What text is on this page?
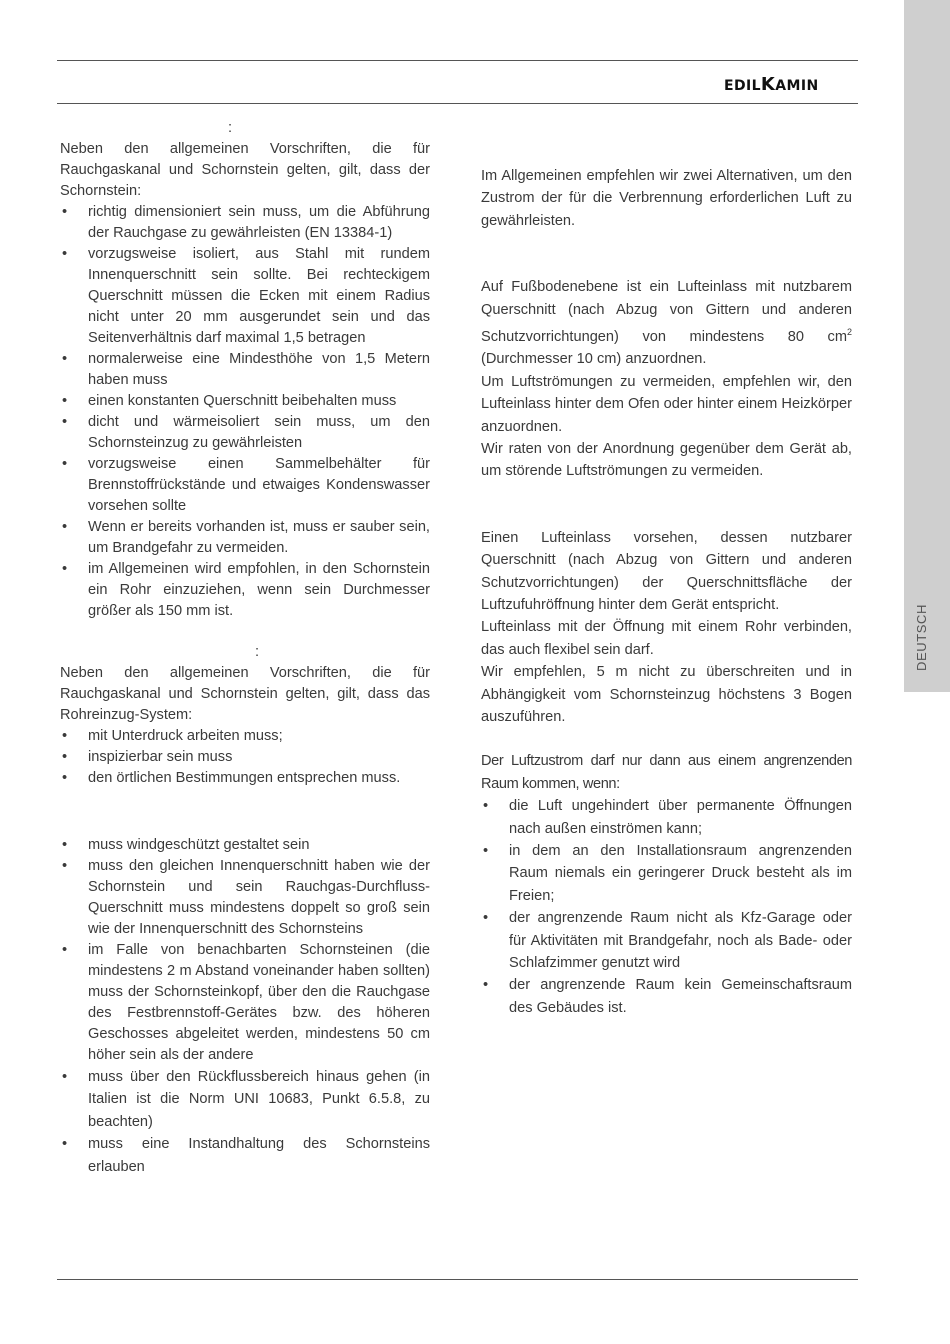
DEUTSCH
EDILKAMIN

:

Neben den allgemeinen Vorschriften, die für Rauchgaskanal und Schornstein gelten, gilt, dass der Schornstein:

• richtig dimensioniert sein muss, um die Abführung der Rauchgase zu gewährleisten (EN 13384-1)
• vorzugsweise isoliert, aus Stahl mit rundem Innenquerschnitt sein sollte. Bei rechteckigem Querschnitt müssen die Ecken mit einem Radius nicht unter 20 mm ausgerundet sein und das Seitenverhältnis darf maximal 1,5 betragen
• normalerweise eine Mindesthöhe von 1,5 Metern haben muss
• einen konstanten Querschnitt beibehalten muss
• dicht und wärmeisoliert sein muss, um den Schornsteinzug zu gewährleisten
• vorzugsweise einen Sammelbehälter für Brennstoffrückstände und etwaiges Kondenswasser vorsehen sollte
• Wenn er bereits vorhanden ist, muss er sauber sein, um Brandgefahr zu vermeiden.
• im Allgemeinen wird empfohlen, in den Schornstein ein Rohr einzuziehen, wenn sein Durchmesser größer als 150 mm ist.

:

Neben den allgemeinen Vorschriften, die für Rauchgaskanal und Schornstein gelten, gilt, dass das Rohreinzug-System:

• mit Unterdruck arbeiten muss;
• inspizierbar sein muss
• den örtlichen Bestimmungen entsprechen muss.
• muss windgeschützt gestaltet sein
• muss den gleichen Innenquerschnitt haben wie der Schornstein und sein Rauchgas-Durchfluss-Querschnitt muss mindestens doppelt so groß sein wie der Innenquerschnitt des Schornsteins
• im Falle von benachbarten Schornsteinen (die mindestens 2 m Abstand voneinander haben sollten) muss der Schornsteinkopf, über den die Rauchgase des Festbrennstoff-Gerätes bzw. des höheren Geschosses abgeleitet werden, mindestens 50 cm höher sein als der andere
• muss über den Rückflussbereich hinaus gehen (in Italien ist die Norm UNI 10683, Punkt 6.5.8, zu beachten)
• muss eine Instandhaltung des Schornsteins erlauben

Im Allgemeinen empfehlen wir zwei Alternativen, um den Zustrom der für die Verbrennung erforderlichen Luft zu gewährleisten.

Auf Fußbodenebene ist ein Lufteinlass mit nutzbarem Querschnitt (nach Abzug von Gittern und anderen Schutzvorrichtungen) von mindestens 80 $cm^2$ (Durchmesser 10 cm) anzuordnen.

Um Luftströmungen zu vermeiden, empfehlen wir, den Lufteinlass hinter dem Ofen oder hinter einem Heizkörper anzuordnen.

Wir raten von der Anordnung gegenüber dem Gerät ab, um störende Luftströmungen zu vermeiden.

Einen Lufteinlass vorsehen, dessen nutzbarer Querschnitt (nach Abzug von Gittern und anderen Schutzvorrichtungen) der Querschnittsfläche der Luftzufuhröffnung hinter dem Gerät entspricht.

Lufteinlass mit der Öffnung mit einem Rohr verbinden, das auch flexibel sein darf.

Wir empfehlen, 5 m nicht zu überschreiten und in Abhängigkeit vom Schornsteinzug höchstens 3 Bogen auszuführen.

Der Luftzustrom darf nur dann aus einem angrenzenden Raum kommen, wenn:

• die Luft ungehindert über permanente Öffnungen nach außen einströmen kann;
• in dem an den Installationsraum angrenzenden Raum niemals ein geringerer Druck besteht als im Freien;
• der angrenzende Raum nicht als Kfz-Garage oder für Aktivitäten mit Brandgefahr, noch als Bade- oder Schlafzimmer genutzt wird
• der angrenzende Raum kein Gemeinschaftsraum des Gebäudes ist.
